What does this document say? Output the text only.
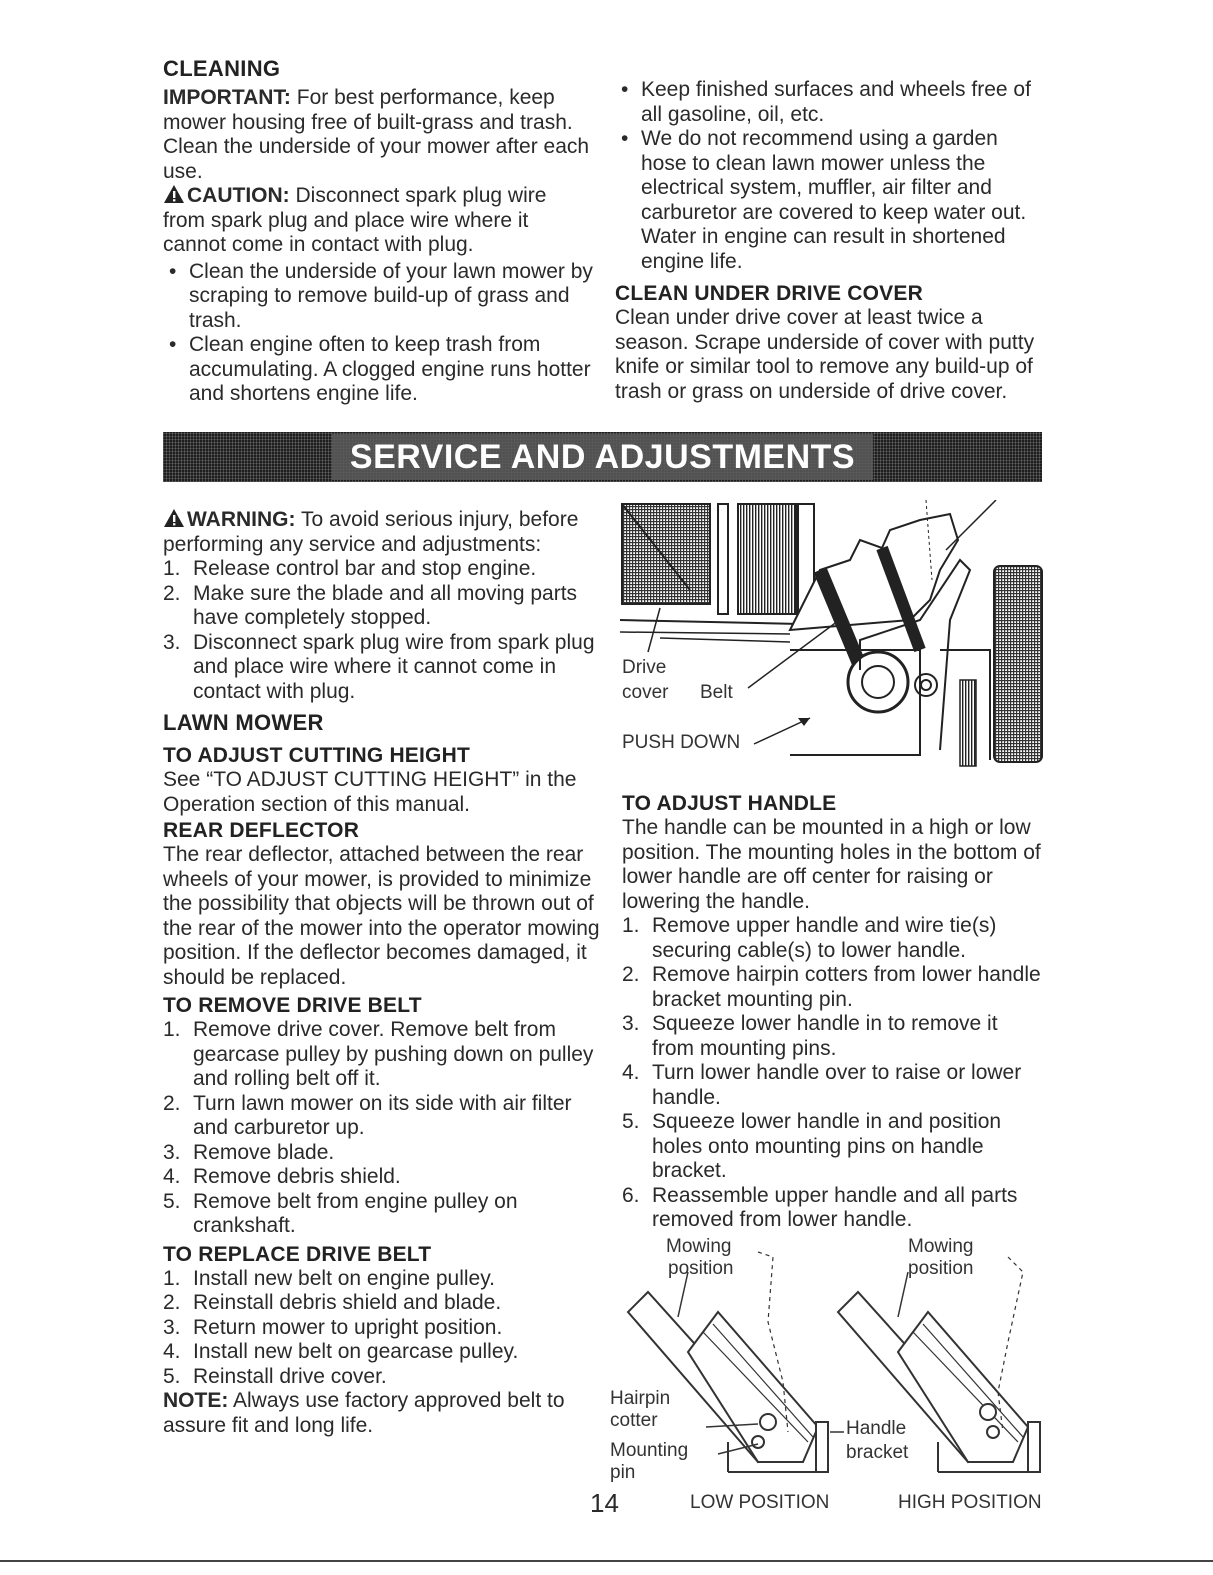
CLEANING

IMPORTANT: For best performance, keep mower housing free of built-grass and trash. Clean the underside of your mower after each use.

CAUTION: Disconnect spark plug wire from spark plug and place wire where it cannot come in contact with plug.

• Clean the underside of your lawn mower by scraping to remove build-up of grass and trash.
• Clean engine often to keep trash from accumulating. A clogged engine runs hotter and shortens engine life.
• Keep finished surfaces and wheels free of all gasoline, oil, etc.
• We do not recommend using a garden hose to clean lawn mower unless the electrical system, muffler, air filter and carburetor are covered to keep water out. Water in engine can result in shortened engine life.

CLEAN UNDER DRIVE COVER

Clean under drive cover at least twice a season. Scrape underside of cover with putty knife or similar tool to remove any build-up of trash or grass on underside of drive cover.

SERVICE AND ADJUSTMENTS

WARNING: To avoid serious injury, before performing any service and adjustments:

1. Release control bar and stop engine.
2. Make sure the blade and all moving parts have completely stopped.
3. Disconnect spark plug wire from spark plug and place wire where it cannot come in contact with plug.

LAWN MOWER

TO ADJUST CUTTING HEIGHT

See “TO ADJUST CUTTING HEIGHT” in the Operation section of this manual.

REAR DEFLECTOR

The rear deflector, attached between the rear wheels of your mower, is provided to minimize the possibility that objects will be thrown out of the rear of the mower into the operator mowing position. If the deflector becomes damaged, it should be replaced.

TO REMOVE DRIVE BELT

1. Remove drive cover. Remove belt from gearcase pulley by pushing down on pulley and rolling belt off it.
2. Turn lawn mower on its side with air filter and carburetor up.
3. Remove blade.
4. Remove debris shield.
5. Remove belt from engine pulley on crankshaft.

TO REPLACE DRIVE BELT

1. Install new belt on engine pulley.
2. Reinstall debris shield and blade.
3. Return mower to upright position.
4. Install new belt on gearcase pulley.
5. Reinstall drive cover.

NOTE: Always use factory approved belt to assure fit and long life.

Drive
cover Belt
PUSH DOWN

TO ADJUST HANDLE

The handle can be mounted in a high or low position. The mounting holes in the bottom of lower handle are off center for raising or lowering the handle.

1. Remove upper handle and wire tie(s) securing cable(s) to lower handle.
2. Remove hairpin cotters from lower handle bracket mounting pin.
3. Squeeze lower handle in to remove it from mounting pins.
4. Turn lower handle over to raise or lower handle.
5. Squeeze lower handle in and position holes onto mounting pins on handle bracket.
6. Reassemble upper handle and all parts removed from lower handle.
Mowing
position
Mowing
position
Hairpin
cotter
Mounting
pin
Handle
bracket
LOW POSITION	HIGH POSITION
14
